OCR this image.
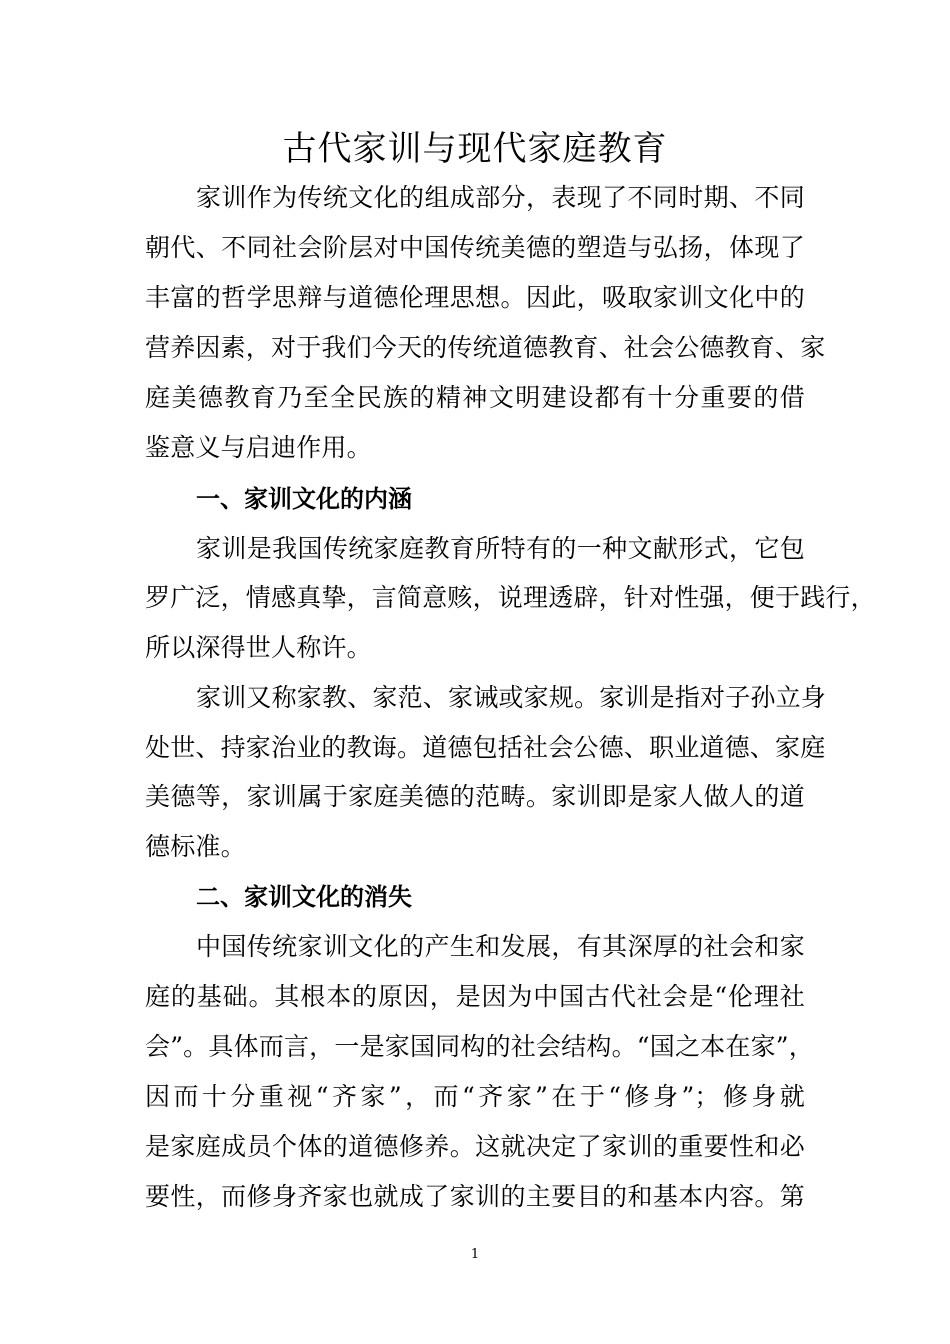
古代家训与现代家庭教育
家训作为传统文化的组成部分，表现了不同时期、不同
朝代、不同社会阶层对中国传统美德的塑造与弘扬，体现了
丰富的哲学思辩与道德伦理思想。因此，吸取家训文化中的
营养因素，对于我们今天的传统道德教育、社会公德教育、家
庭美德教育乃至全民族的精神文明建设都有十分重要的借
鉴意义与启迪作用。
一、家训文化的内涵
家训是我国传统家庭教育所特有的一种文献形式，它包
罗广泛，情感真挚，言简意赅，说理透辟，针对性强，便于践行，
所以深得世人称许。
家训又称家教、家范、家诫或家规。家训是指对子孙立身
处世、持家治业的教诲。道德包括社会公德、职业道德、家庭
美德等，家训属于家庭美德的范畴。家训即是家人做人的道
德标准。
二、家训文化的消失
中国传统家训文化的产生和发展，有其深厚的社会和家
庭的基础。其根本的原因，是因为中国古代社会是“伦理社
会”。具体而言，一是家国同构的社会结构。“国之本在家”，
因而十分重视“齐家”，而“齐家”在于“修身”；修身就
是家庭成员个体的道德修养。这就决定了家训的重要性和必
要性，而修身齐家也就成了家训的主要目的和基本内容。第
1
